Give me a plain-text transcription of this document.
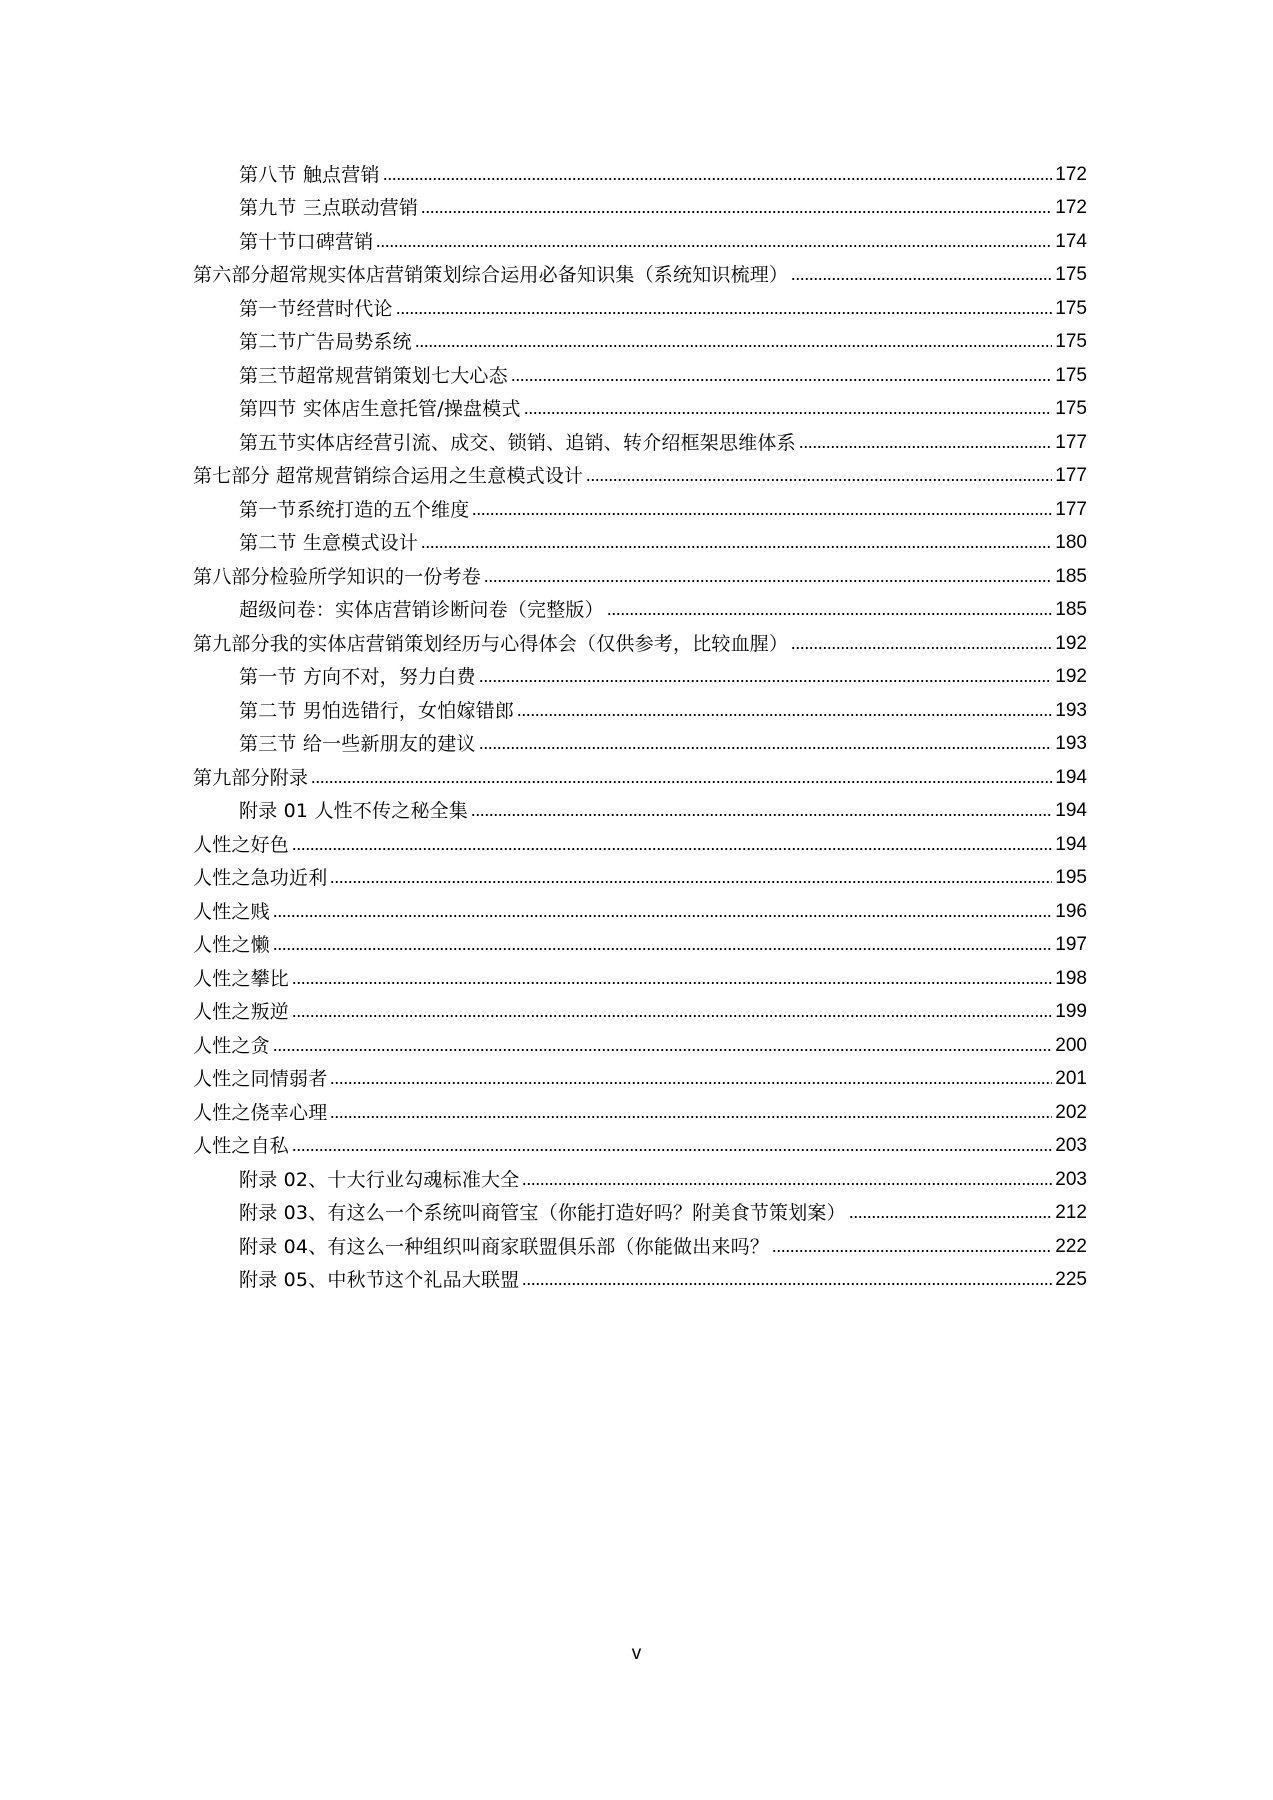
第八节 触点营销	172
第九节 三点联动营销	172
第十节口碑营销	174
第六部分超常规实体店营销策划综合运用必备知识集（系统知识梳理）	175
第一节经营时代论	175
第二节广告局势系统	175
第三节超常规营销策划七大心态	175
第四节 实体店生意托管/操盘模式	175
第五节实体店经营引流、成交、锁销、追销、转介绍框架思维体系	177
第七部分 超常规营销综合运用之生意模式设计	177
第一节系统打造的五个维度	177
第二节 生意模式设计	180
第八部分检验所学知识的一份考卷	185
超级问卷：实体店营销诊断问卷（完整版）	185
第九部分我的实体店营销策划经历与心得体会（仅供参考，比较血腥）	192
第一节 方向不对，努力白费	192
第二节 男怕选错行，女怕嫁错郎	193
第三节 给一些新朋友的建议	193
第九部分附录	194
附录 01 人性不传之秘全集	194
人性之好色	194
人性之急功近利	195
人性之贱	196
人性之懒	197
人性之攀比	198
人性之叛逆	199
人性之贪	200
人性之同情弱者	201
人性之侥幸心理	202
人性之自私	203
附录 02、十大行业勾魂标准大全	203
附录 03、有这么一个系统叫商管宝（你能打造好吗？附美食节策划案）	212
附录 04、有这么一种组织叫商家联盟俱乐部（你能做出来吗？	222
附录 05、中秋节这个礼品大联盟	225
v
